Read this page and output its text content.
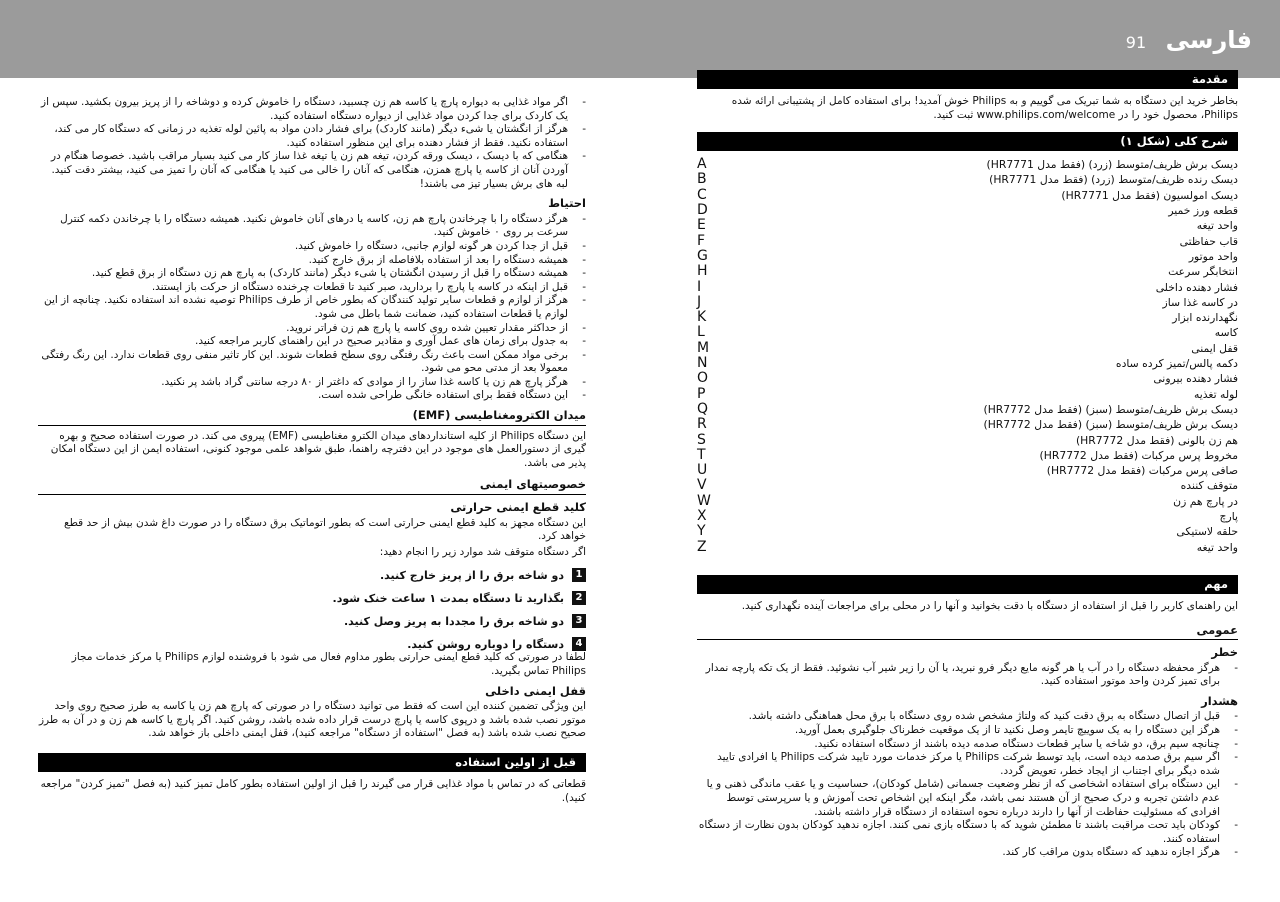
فارسی 91
مقدمة

بخاطر خرید این دستگاه به شما تبریک می گوییم و به Philips خوش آمدید! برای استفاده کامل از پشتیبانی ارائه شده Philips، محصول خود را در www.philips.com/welcome ثبت کنید.

شرح کلی (شکل ۱)
دیسک برش ظریف/متوسط (زرد) (فقط مدل HR7771)
A
دیسک رنده ظریف/متوسط (زرد) (فقط مدل HR7771)
B
دیسک امولسیون (فقط مدل HR7771)
C
قطعه ورز خمیر
D
واحد تیغه
E
قاب حفاظتی
F
واحد موتور
G
انتخابگر سرعت
H
فشار دهنده داخلی
I
در کاسه غذا ساز
J
نگهدارنده ابزار
K
کاسه
L
قفل ایمنی
M
دکمه پالس/تمیز کرده ساده
N
فشار دهنده بیرونی
O
لوله تغذیه
P
دیسک برش ظریف/متوسط (سبز) (فقط مدل HR7772)
Q
دیسک برش ظریف/متوسط (سبز) (فقط مدل HR7772)
R
هم زن بالونی (فقط مدل HR7772)
S
مخروط پرس مرکبات (فقط مدل HR7772)
T
صافی پرس مرکبات (فقط مدل HR7772)
U
متوقف کننده
V
در پارچ هم زن
W
پارچ
X
حلقه لاستیکی
Y
واحد تیغه
Z
مهم

این راهنمای کاربر را قبل از استفاده از دستگاه با دقت بخوانید و آنها را در محلی برای مراجعات آینده نگهداری کنید.

عمومی
خطر
- هرگز محفظه دستگاه را در آب یا هر گونه مایع دیگر فرو نبرید، یا آن را زیر شیر آب نشوئید. فقط از یک تکه پارچه نمدار برای تمیز کردن واحد موتور استفاده کنید.
هشدار
- قبل از اتصال دستگاه به برق دقت کنید که ولتاژ مشخص شده روی دستگاه با برق محل هماهنگی داشته باشد.
- هرگز این دستگاه را به یک سوییچ تایمر وصل نکنید تا از یک موقعیت خطرناک جلوگیری بعمل آورید.
- چنانچه سیم برق، دو شاخه یا سایر قطعات دستگاه صدمه دیده باشند از دستگاه استفاده نکنید.
- اگر سیم برق صدمه دیده است، باید توسط شرکت Philips یا مرکز خدمات مورد تایید شرکت Philips یا افرادی تایید شده دیگر برای اجتناب از ایجاد خطر، تعویض گردد.
- این دستگاه برای استفاده اشخاصی که از نظر وضعیت جسمانی (شامل کودکان)، حساسیت و یا عقب ماندگی ذهنی و یا عدم داشتن تجربه و درک صحیح از آن هستند نمی باشد، مگر اینکه این اشخاص تحت آموزش و یا سرپرستی توسط افرادی که مسئولیت حفاظت از آنها را دارند درباره نحوه استفاده از دستگاه قرار داشته باشند.
- کودکان باید تحت مراقبت باشند تا مطمئن شوید که با دستگاه بازی نمی کنند. اجازه ندهید کودکان بدون نظارت از دستگاه استفاده کنند.
- هرگز اجازه ندهید که دستگاه بدون مراقب کار کند.
- اگر مواد غذایی به دیواره پارچ یا کاسه هم زن چسبید، دستگاه را خاموش کرده و دوشاخه را از پریز بیرون بکشید. سپس از یک کاردک برای جدا کردن مواد غذایی از دیواره دستگاه استفاده کنید.
- هرگز از انگشتان یا شیء دیگر (مانند کاردک) برای فشار دادن مواد به پائین لوله تغذیه در زمانی که دستگاه کار می کند، استفاده نکنید. فقط از فشار دهنده برای این منظور استفاده کنید.
- هنگامی که با دیسک ، دیسک ورقه کردن، تیغه هم زن یا تیغه غذا ساز کار می کنید بسیار مراقب باشید. خصوصا هنگام در آوردن آنان از کاسه یا پارچ همزن، هنگامی که آنان را خالی می کنید یا هنگامی که آنان را تمیز می کنید، بیشتر دقت کنید. لبه های برش بسیار تیز می باشند!
احتیاط
- هرگز دستگاه را با چرخاندن پارچ هم زن، کاسه یا درهای آنان خاموش نکنید. همیشه دستگاه را با چرخاندن دکمه کنترل سرعت بر روی ۰ خاموش کنید.
- قبل از جدا کردن هر گونه لوازم جانبی، دستگاه را خاموش کنید.
- همیشه دستگاه را بعد از استفاده بلافاصله از برق خارج کنید.
- همیشه دستگاه را قبل از رسیدن انگشتان یا شیء دیگر (مانند کاردک) به پارچ هم زن دستگاه از برق قطع کنید.
- قبل از اینکه در کاسه یا پارچ را بردارید، صبر کنید تا قطعات چرخنده دستگاه از حرکت باز ایستند.
- هرگز از لوازم و قطعات سایر تولید کنندگان که بطور خاص از طرف Philips توصیه نشده اند استفاده نکنید. چنانچه از این لوازم یا قطعات استفاده کنید، ضمانت شما باطل می شود.
- از حداکثر مقدار تعیین شده روی کاسه یا پارچ هم زن فراتر نروید.
- به جدول برای زمان های عمل آوری و مقادیر صحیح در این راهنمای کاربر مراجعه کنید.
- برخی مواد ممکن است باعث رنگ رفتگی روی سطح قطعات شوند. این کار تاثیر منفی روی قطعات ندارد. این رنگ رفتگی معمولا بعد از مدتی محو می شود.
- هرگز پارچ هم زن یا کاسه غذا ساز را از موادی که داغتر از ۸۰ درجه سانتی گراد باشد پر نکنید.
- این دستگاه فقط برای استفاده خانگی طراحی شده است.
میدان الکترومغناطیسی (EMF)

این دستگاه Philips از کلیه استانداردهای میدان الکترو مغناطیسی (EMF) پیروی می کند. در صورت استفاده صحیح و بهره گیری از دستورالعمل های موجود در این دفترچه راهنما، طبق شواهد علمی موجود کنونی، استفاده ایمن از این دستگاه امکان پذیر می باشد.

خصوصیتهای ایمنی
کلید قطع ایمنی حرارتی

این دستگاه مجهز به کلید قطع ایمنی حرارتی است که بطور اتوماتیک برق دستگاه را در صورت داغ شدن بیش از حد قطع خواهد کرد.

اگر دستگاه متوقف شد موارد زیر را انجام دهید:

1
دو شاخه برق را از پریز خارج کنید.
2
بگذارید تا دستگاه بمدت ۱ ساعت خنک شود.
3
دو شاخه برق را مجددا به پریز وصل کنید.
4
دستگاه را دوباره روشن کنید.

لطفا در صورتی که کلید قطع ایمنی حرارتی بطور مداوم فعال می شود با فروشنده لوازم Philips یا مرکز خدمات مجاز Philips تماس بگیرید.

قفل ایمنی داخلی

این ویژگی تضمین کننده این است که فقط می توانید دستگاه را در صورتی که پارچ هم زن یا کاسه به طرز صحیح روی واحد موتور نصب شده باشد و درپوی کاسه یا پارچ درست قرار داده شده باشد، روشن کنید. اگر پارچ یا کاسه هم زن و در آن به طرز صحیح نصب شده باشد (به فصل "استفاده از دستگاه" مراجعه کنید)، قفل ایمنی داخلی باز خواهد شد.

قبل از اولین استفاده

قطعاتی که در تماس با مواد غذایی قرار می گیرند را قبل از اولین استفاده بطور کامل تمیز کنید (به فصل "تمیز کردن" مراجعه کنید).
